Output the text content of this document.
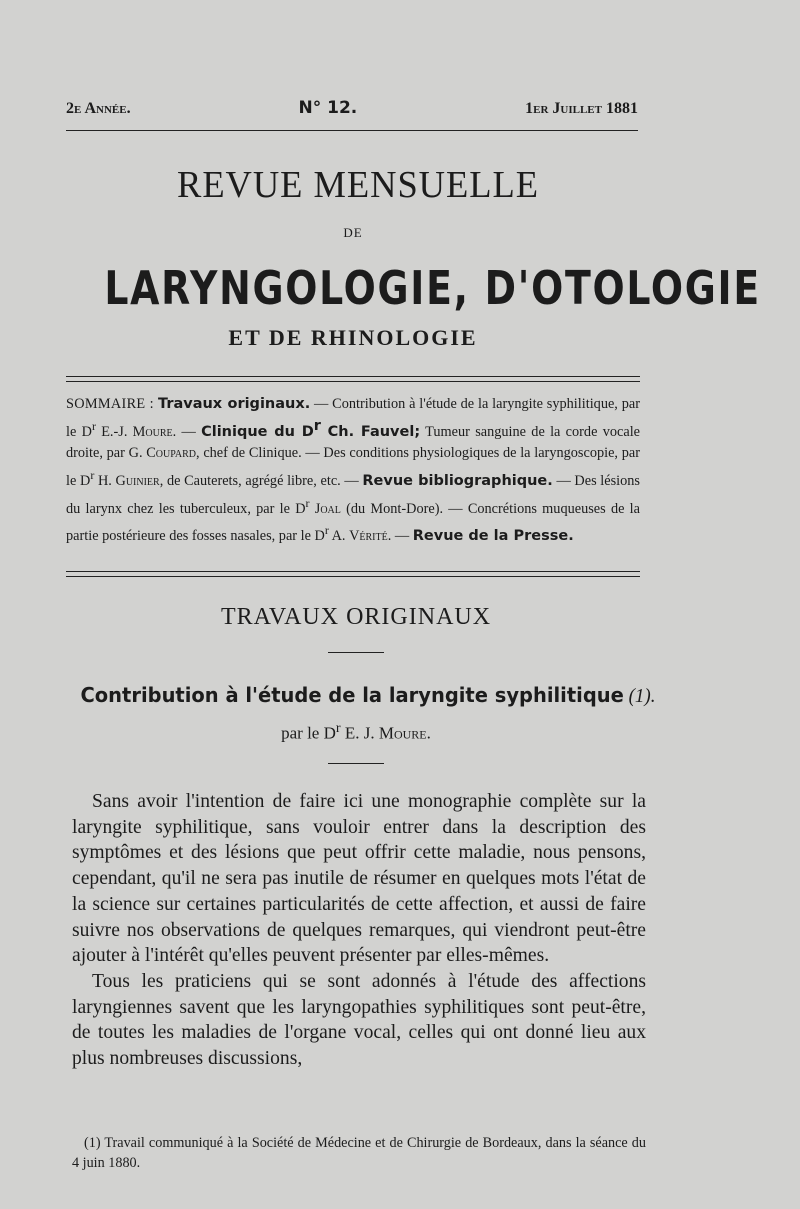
2e Année.	N° 12.	1er Juillet 1881
REVUE MENSUELLE
DE
LARYNGOLOGIE, D'OTOLOGIE
ET DE RHINOLOGIE
SOMMAIRE : Travaux originaux. — Contribution à l'étude de la laryngite syphilitique, par le $D^r$ E.-J. Moure. — Clinique du $D^r$ Ch. Fauvel; Tumeur sanguine de la corde vocale droite, par G. Coupard, chef de Clinique. — Des conditions physiologiques de la laryngoscopie, par le $D^r$ H. Guinier, de Cauterets, agrégé libre, etc. — Revue bibliographique. — Des lésions du larynx chez les tuberculeux, par le $D^r$ Joal (du Mont-Dore). — Concrétions muqueuses de la partie postérieure des fosses nasales, par le $D^r$ A. Vérité. — Revue de la Presse.
TRAVAUX ORIGINAUX
Contribution à l'étude de la laryngite syphilitique (1).
par le $D^r$ E. J. Moure.

Sans avoir l'intention de faire ici une monographie complète sur la laryngite syphilitique, sans vouloir entrer dans la description des symptômes et des lésions que peut offrir cette maladie, nous pensons, cependant, qu'il ne sera pas inutile de résumer en quelques mots l'état de la science sur certaines particularités de cette affection, et aussi de faire suivre nos observations de quelques remarques, qui viendront peut-être ajouter à l'intérêt qu'elles peuvent présenter par elles-mêmes.

Tous les praticiens qui se sont adonnés à l'étude des affections laryngiennes savent que les laryngopathies syphilitiques sont peut-être, de toutes les maladies de l'organe vocal, celles qui ont donné lieu aux plus nombreuses discussions,

(1) Travail communiqué à la Société de Médecine et de Chirurgie de Bordeaux, dans la séance du 4 juin 1880.
